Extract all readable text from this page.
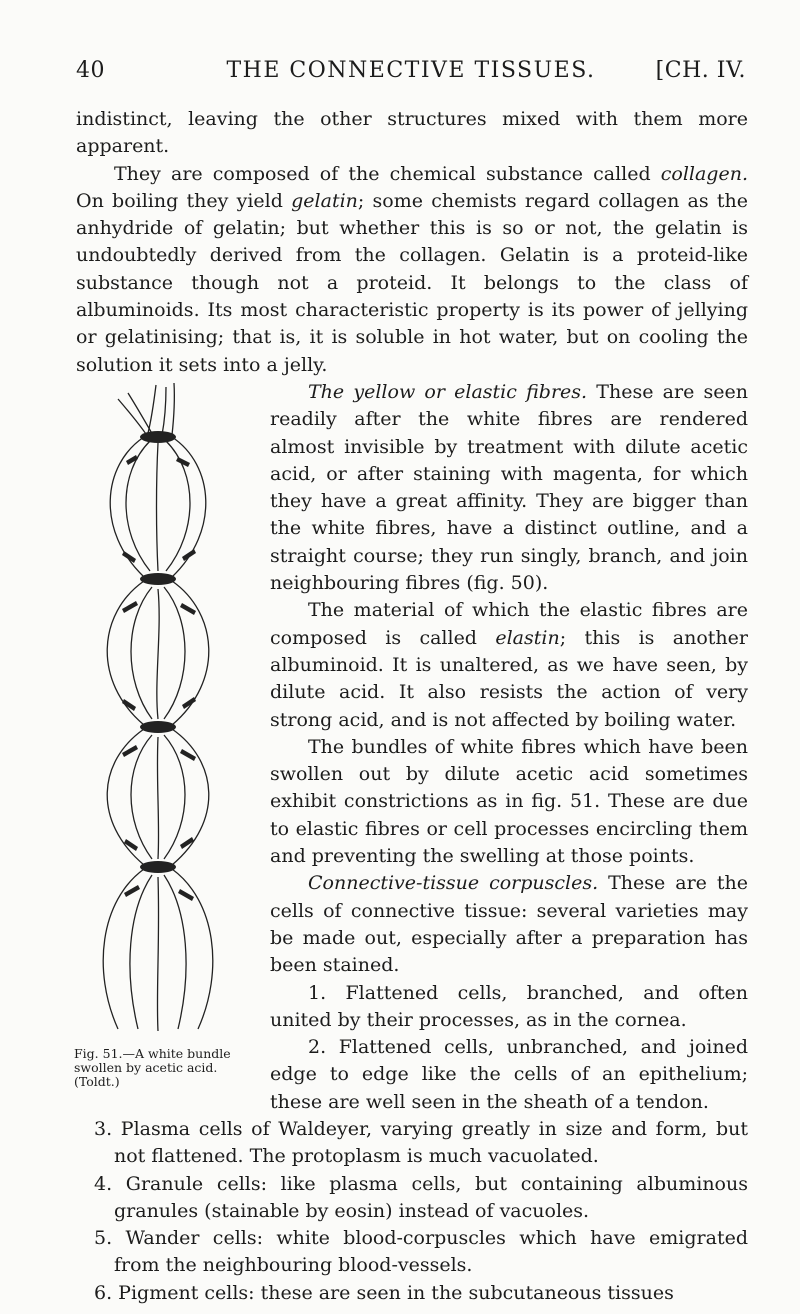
40	THE CONNECTIVE TISSUES.	[CH. IV.

indistinct, leaving the other structures mixed with them more apparent.

They are composed of the chemical substance called collagen. On boiling they yield gelatin; some chemists regard collagen as the anhydride of gelatin; but whether this is so or not, the gelatin is undoubtedly derived from the collagen. Gelatin is a proteid-like substance though not a proteid. It belongs to the class of albuminoids. Its most characteristic property is its power of jellying or gelatinising; that is, it is soluble in hot water, but on cooling the solution it sets into a jelly.

Fig. 51.—A white bundle swollen by acetic acid. (Toldt.)

The yellow or elastic fibres. These are seen readily after the white fibres are rendered almost invisible by treatment with dilute acetic acid, or after staining with magenta, for which they have a great affinity. They are bigger than the white fibres, have a distinct outline, and a straight course; they run singly, branch, and join neighbouring fibres (fig. 50).

The material of which the elastic fibres are composed is called elastin; this is another albuminoid. It is unaltered, as we have seen, by dilute acid. It also resists the action of very strong acid, and is not affected by boiling water.

The bundles of white fibres which have been swollen out by dilute acetic acid sometimes exhibit constrictions as in fig. 51. These are due to elastic fibres or cell processes encircling them and preventing the swelling at those points.

Connective-tissue corpuscles. These are the cells of connective tissue: several varieties may be made out, especially after a preparation has been stained.

1. Flattened cells, branched, and often united by their processes, as in the cornea.

2. Flattened cells, unbranched, and joined edge to edge like the cells of an epithelium; these are well seen in the sheath of a tendon.

3. Plasma cells of Waldeyer, varying greatly in size and form, but not flattened. The protoplasm is much vacuolated.

4. Granule cells: like plasma cells, but containing albuminous granules (stainable by eosin) instead of vacuoles.

5. Wander cells: white blood-corpuscles which have emigrated from the neighbouring blood-vessels.

6. Pigment cells: these are seen in the subcutaneous tissues
